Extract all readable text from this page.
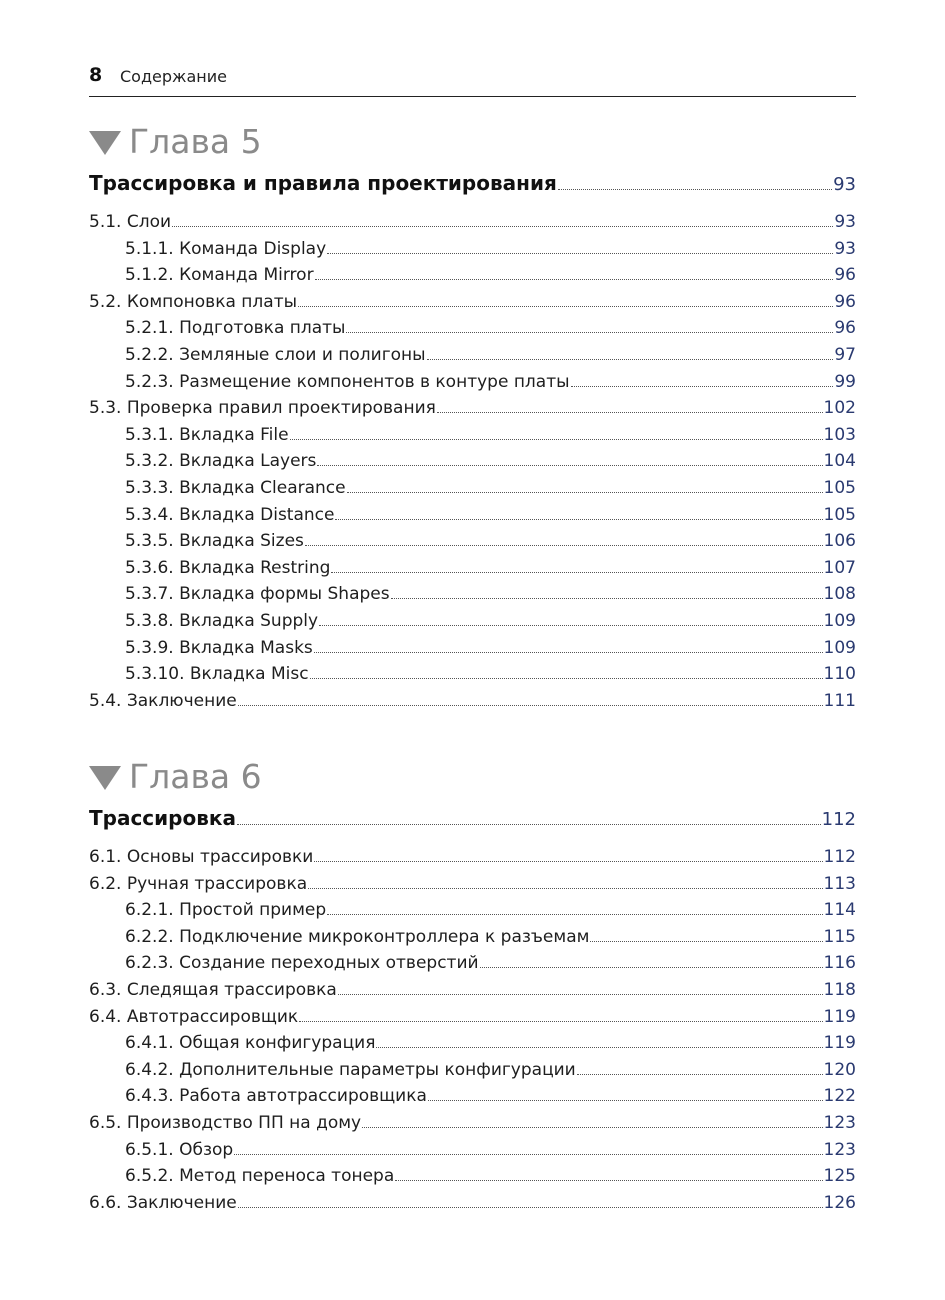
8 Содержание
Глава 5
Трассировка и правила проектирования	93
5.1. Слои	93
5.1.1. Команда Display	93
5.1.2. Команда Mirror	96
5.2. Компоновка платы	96
5.2.1. Подготовка платы	96
5.2.2. Земляные слои и полигоны	97
5.2.3. Размещение компонентов в контуре платы	99
5.3. Проверка правил проектирования	102
5.3.1. Вкладка File	103
5.3.2. Вкладка Layers	104
5.3.3. Вкладка Clearance	105
5.3.4. Вкладка Distance	105
5.3.5. Вкладка Sizes	106
5.3.6. Вкладка Restring	107
5.3.7. Вкладка формы Shapes	108
5.3.8. Вкладка Supply	109
5.3.9. Вкладка Masks	109
5.3.10. Вкладка Misc	110
5.4. Заключение	111
Глава 6
Трассировка	112
6.1. Основы трассировки	112
6.2. Ручная трассировка	113
6.2.1. Простой пример	114
6.2.2. Подключение микроконтроллера к разъемам	115
6.2.3. Создание переходных отверстий	116
6.3. Следящая трассировка	118
6.4. Автотрассировщик	119
6.4.1. Общая конфигурация	119
6.4.2. Дополнительные параметры конфигурации	120
6.4.3. Работа автотрассировщика	122
6.5. Производство ПП на дому	123
6.5.1. Обзор	123
6.5.2. Метод переноса тонера	125
6.6. Заключение	126
